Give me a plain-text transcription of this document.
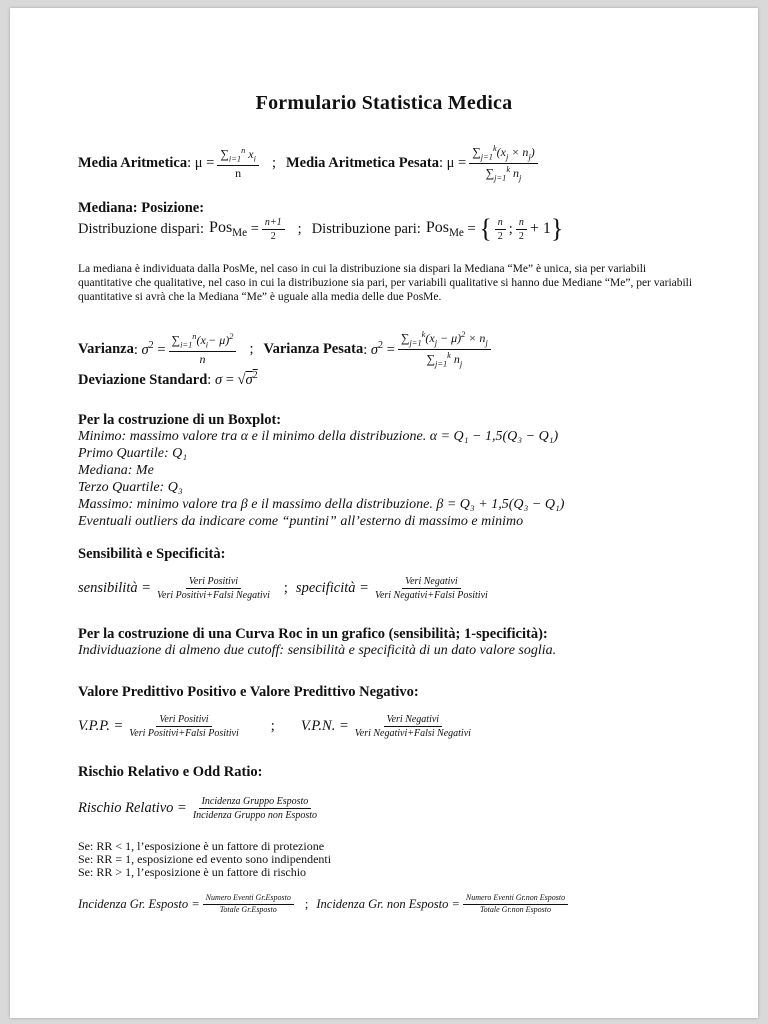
Formulario Statistica Medica
Media Aritmetica : $\mu = \frac{\sum_{i=1}^n x_i}{n}$ ; Media Aritmetica Pesata : $\mu = \frac{\sum_{j=1}^k(x_j \times n_j)}{\sum_{j=1}^k n_j}$
Mediana: Posizione:
Distribuzione dispari: $Pos_{Me} = \frac{n+1}{2}$ ; Distribuzione pari: Pos$_{Me}$ = { $\frac{n}{2}$ ; $\frac{n}{2} + 1$ }
La mediana è individuata dalla PosMe, nel caso in cui la distribuzione sia dispari la Mediana “Me” è unica, sia per variabili quantitative che qualitative, nel caso in cui la distribuzione sia pari, per variabili qualitative si hanno due Mediane “Me”, per variabili quantitative si avrà che la Mediana “Me” è uguale alla media delle due PosMe.
Varianza : $\sigma^2 = \frac{\sum_{i=1}^n(x_i- \mu)^2}{n}$ ; Varianza Pesata : $\sigma^2 = \frac{\sum_{j=1}^k(x_j - \mu)^2 \times n_j}{\sum_{j=1}^k n_j}$
Deviazione Standard: $\sigma = √\sigma^2$
Per la costruzione di un Boxplot:
Minimo: massimo valore tra α e il minimo della distribuzione. α = Q₁ − 1,5(Q₃ − Q₁)
Primo Quartile: Q₁
Mediana: Me
Terzo Quartile: Q₃
Massimo: minimo valore tra β e il massimo della distribuzione. β = Q₃ + 1,5(Q₃ − Q₁)
Eventuali outliers da indicare come “puntini” all’esterno di massimo e minimo
Sensibilità e Specificità:
sensibilità = $\frac{\text{Veri Positivi}}{\text{Veri Positivi+Falsi Negativi}}$ ; specificità = $\frac{\text{Veri Negativi}}{\text{Veri Negativi+Falsi Positivi}}$
Per la costruzione di una Curva Roc in un grafico (sensibilità; 1-specificità):
Individuazione di almeno due cutoff: sensibilità e specificità di un dato valore soglia.
Valore Predittivo Positivo e Valore Predittivo Negativo:
V.P.P. = $\frac{\text{Veri Positivi}}{\text{Veri Positivi+Falsi Positivi}}$ ; V.P.N. = $\frac{\text{Veri Negativi}}{\text{Veri Negativi+Falsi Negativi}}$
Rischio Relativo e Odd Ratio:
Rischio Relativo = $\frac{\text{Incidenza Gruppo Esposto}}{\text{Incidenza Gruppo non Esposto}}$
Se: RR < 1, l’esposizione è un fattore di protezione
Se: RR = 1, esposizione ed evento sono indipendenti
Se: RR > 1, l’esposizione è un fattore di rischio
Incidenza Gr. Esposto = $\frac{\text{Numero Eventi Gr.Esposto}}{\text{Totale Gr.Esposto}}$ ; Incidenza Gr. non Esposto = $\frac{\text{Numero Eventi Gr.non Esposto}}{\text{Totale Gr.non Esposto}}$
